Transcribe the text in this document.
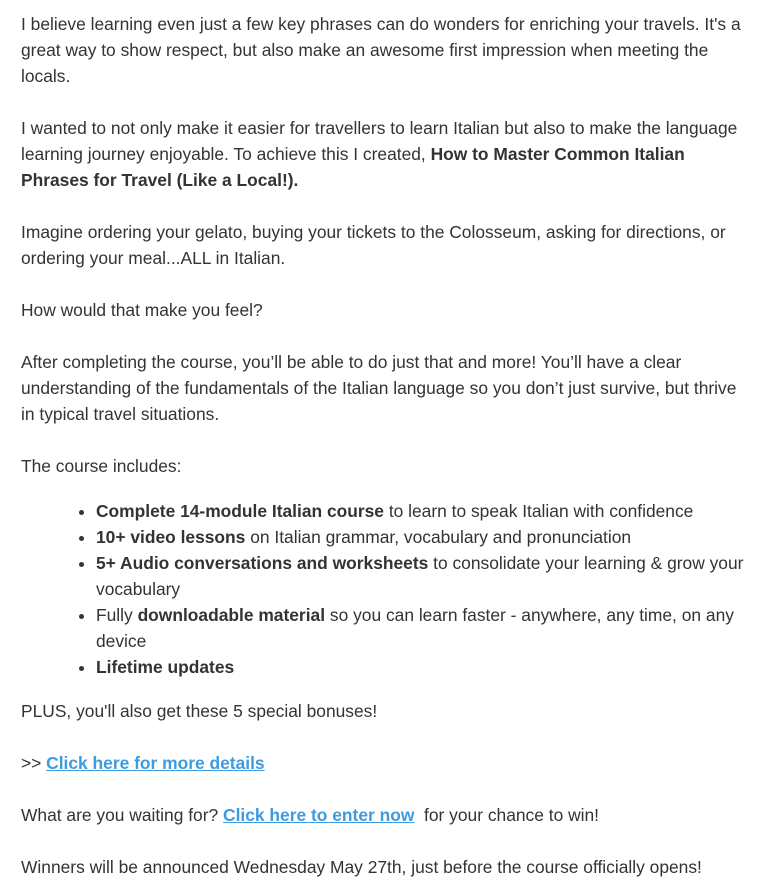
I believe learning even just a few key phrases can do wonders for enriching your travels. It's a great way to show respect, but also make an awesome first impression when meeting the locals.

I wanted to not only make it easier for travellers to learn Italian but also to make the language learning journey enjoyable. To achieve this I created, How to Master Common Italian Phrases for Travel (Like a Local!).

Imagine ordering your gelato, buying your tickets to the Colosseum, asking for directions, or ordering your meal...ALL in Italian.

How would that make you feel?

After completing the course, you’ll be able to do just that and more! You’ll have a clear understanding of the fundamentals of the Italian language so you don’t just survive, but thrive in typical travel situations.

The course includes:

• Complete 14-module Italian course to learn to speak Italian with confidence
• 10+ video lessons on Italian grammar, vocabulary and pronunciation
• 5+ Audio conversations and worksheets to consolidate your learning & grow your vocabulary
• Fully downloadable material so you can learn faster - anywhere, any time, on any device
• Lifetime updates

PLUS, you'll also get these 5 special bonuses!

>> Click here for more details

What are you waiting for? Click here to enter now  for your chance to win!

Winners will be announced Wednesday May 27th, just before the course officially opens!
